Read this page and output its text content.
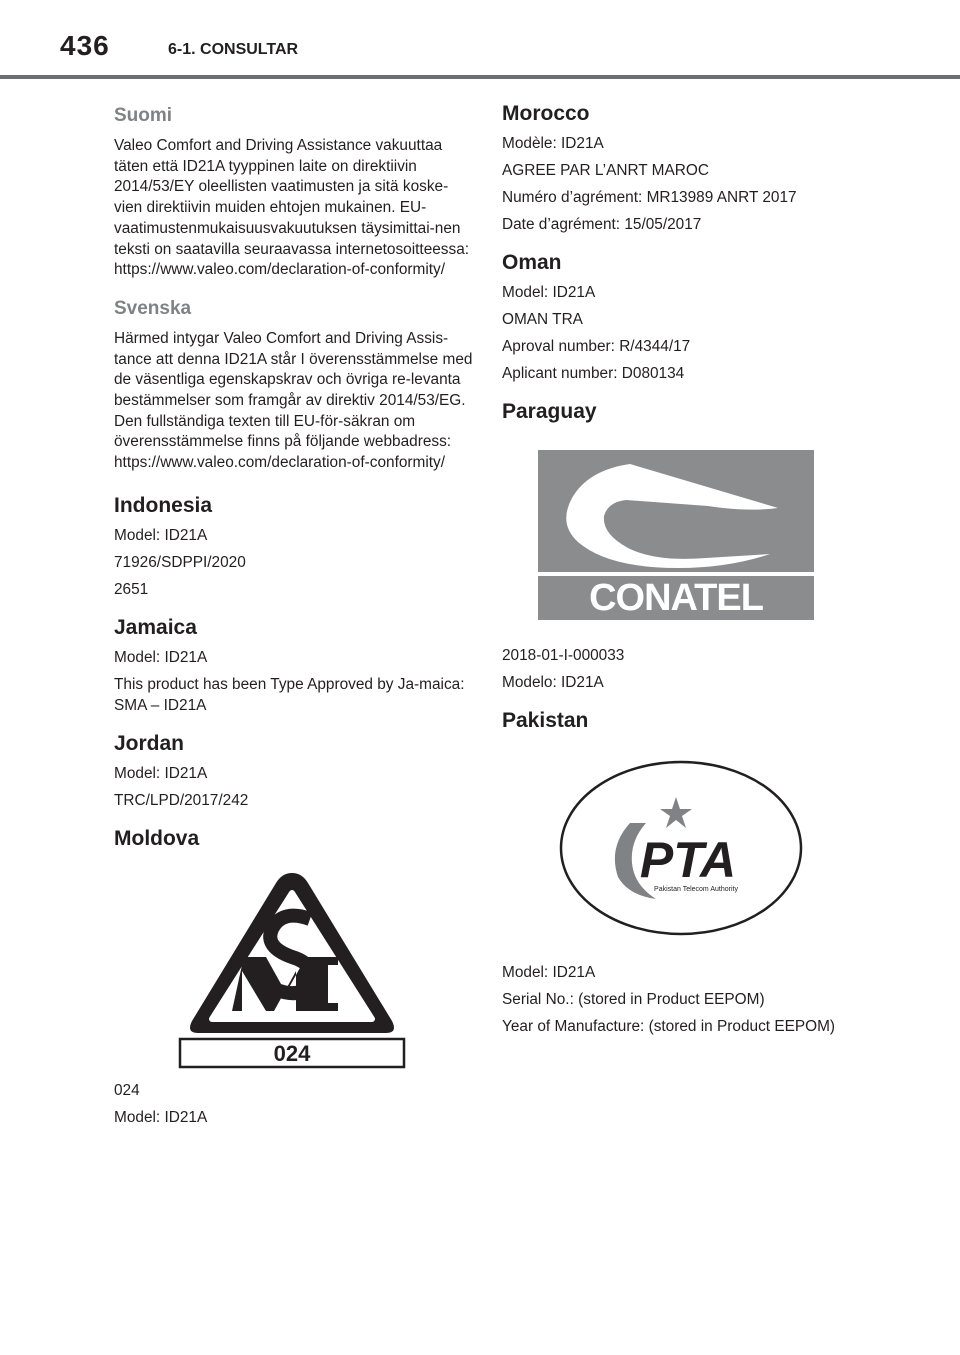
436	6-1. CONSULTAR
Suomi

Valeo Comfort and Driving Assistance vakuuttaa täten että ID21A tyyppinen laite on direktiivin 2014/53/EY oleellisten vaatimusten ja sitä koske-vien direktiivin muiden ehtojen mukainen. EU-vaatimustenmukaisuusvakuutuksen täysimittai-nen teksti on saatavilla seuraavassa internetosoitteessa: https://www.valeo.com/declaration-of-conformity/

Svenska

Härmed intygar Valeo Comfort and Driving Assis-tance att denna ID21A står I överensstämmelse med de väsentliga egenskapskrav och övriga re-levanta bestämmelser som framgår av direktiv 2014/53/EG. Den fullständiga texten till EU-för-säkran om överensstämmelse finns på följande webbadress: https://www.valeo.com/declaration-of-conformity/

Indonesia

Model: ID21A

71926/SDPPI/2020

2651

Jamaica

Model: ID21A

This product has been Type Approved by Ja-maica: SMA – ID21A

Jordan

Model: ID21A

TRC/LPD/2017/242

Moldova
024

024

Model: ID21A

Morocco

Modèle: ID21A

AGREE PAR L’ANRT MAROC

Numéro d’agrément: MR13989 ANRT 2017

Date d’agrément: 15/05/2017

Oman

Model: ID21A

OMAN TRA

Aproval number: R/4344/17

Aplicant number: D080134

Paraguay
CONATEL

2018-01-I-000033

Modelo: ID21A

Pakistan
PTA
Pakistan Telecom Authority

Model: ID21A

Serial No.: (stored in Product EEPOM)

Year of Manufacture: (stored in Product EEPOM)
